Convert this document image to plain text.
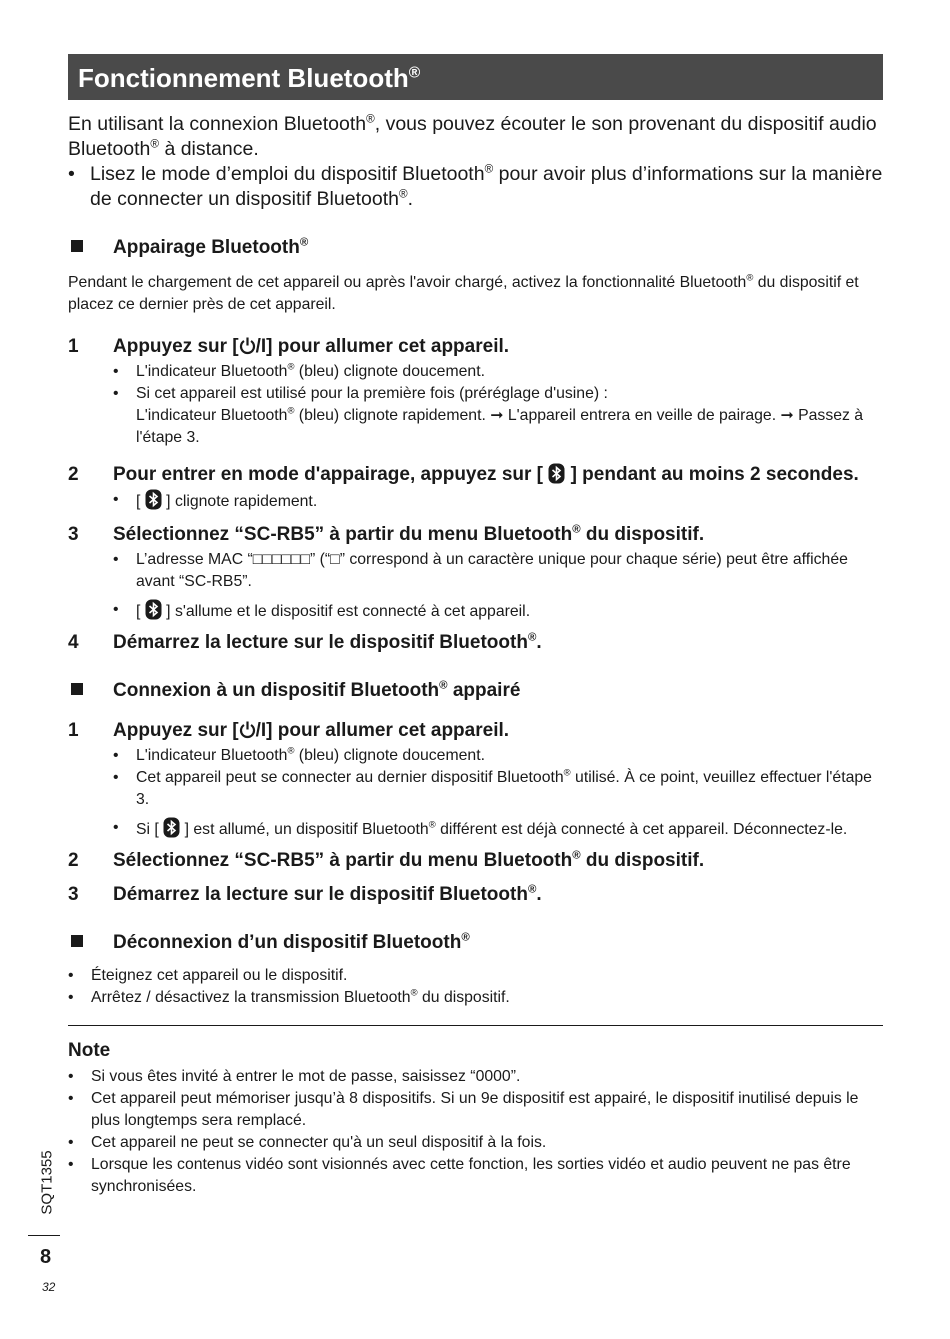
Fonctionnement Bluetooth®
En utilisant la connexion Bluetooth®, vous pouvez écouter le son provenant du dispositif audio Bluetooth® à distance.
• Lisez le mode d’emploi du dispositif Bluetooth® pour avoir plus d’informations sur la manière de connecter un dispositif Bluetooth®.
Appairage Bluetooth®
Pendant le chargement de cet appareil ou après l'avoir chargé, activez la fonctionnalité Bluetooth® du dispositif et placez ce dernier près de cet appareil.
1	Appuyez sur [ /I] pour allumer cet appareil.
•	L'indicateur Bluetooth® (bleu) clignote doucement.
•	Si cet appareil est utilisé pour la première fois (préréglage d'usine) :
L'indicateur Bluetooth® (bleu) clignote rapidement. ➞ L'appareil entrera en veille de pairage. ➞ Passez à l'étape 3.
2	Pour entrer en mode d'appairage, appuyez sur [  ] pendant au moins 2 secondes.
•	[  ] clignote rapidement.
3	Sélectionnez “SC-RB5” à partir du menu Bluetooth® du dispositif.
•	L’adresse MAC “□□□□□□” (“□” correspond à un caractère unique pour chaque série) peut être affichée avant “SC-RB5”.
•	[  ] s'allume et le dispositif est connecté à cet appareil.
4	Démarrez la lecture sur le dispositif Bluetooth®.
Connexion à un dispositif Bluetooth® appairé
1	Appuyez sur [ /I] pour allumer cet appareil.
•	L'indicateur Bluetooth® (bleu) clignote doucement.
•	Cet appareil peut se connecter au dernier dispositif Bluetooth® utilisé. À ce point, veuillez effectuer l'étape 3.
•	Si [  ] est allumé, un dispositif Bluetooth® différent est déjà connecté à cet appareil. Déconnectez-le.
2	Sélectionnez “SC-RB5” à partir du menu Bluetooth® du dispositif.
3	Démarrez la lecture sur le dispositif Bluetooth®.
Déconnexion d’un dispositif Bluetooth®
•	Éteignez cet appareil ou le dispositif.
•	Arrêtez / désactivez la transmission Bluetooth® du dispositif.
Note
•	Si vous êtes invité à entrer le mot de passe, saisissez “0000”.
•	Cet appareil peut mémoriser jusqu’à 8 dispositifs. Si un 9e dispositif est appairé, le dispositif inutilisé depuis le plus longtemps sera remplacé.
•	Cet appareil ne peut se connecter qu'à un seul dispositif à la fois.
•	Lorsque les contenus vidéo sont visionnés avec cette fonction, les sorties vidéo et audio peuvent ne pas être synchronisées.
SQT1355
8
32
